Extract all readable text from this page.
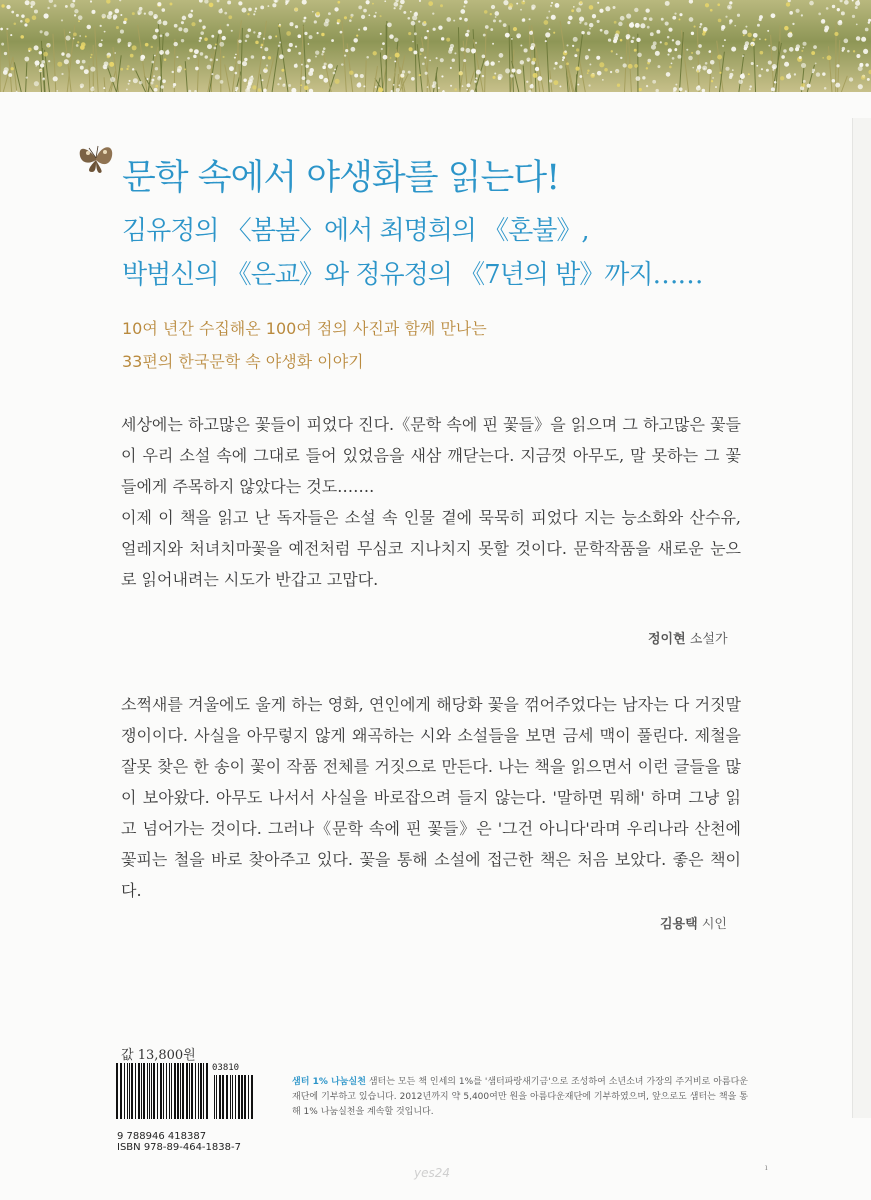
문학 속에서 야생화를 읽는다!
김유정의 〈봄봄〉에서 최명희의 《혼불》,
박범신의 《은교》와 정유정의 《7년의 밤》까지……
10여 년간 수집해온 100여 점의 사진과 함께 만나는
33편의 한국문학 속 야생화 이야기

세상에는 하고많은 꽃들이 피었다 진다.《문학 속에 핀 꽃들》을 읽으며 그 하고많은 꽃들이 우리 소설 속에 그대로 들어 있었음을 새삼 깨닫는다. 지금껏 아무도, 말 못하는 그 꽃들에게 주목하지 않았다는 것도…….

이제 이 책을 읽고 난 독자들은 소설 속 인물 곁에 묵묵히 피었다 지는 능소화와 산수유, 얼레지와 처녀치마꽃을 예전처럼 무심코 지나치지 못할 것이다. 문학작품을 새로운 눈으로 읽어내려는 시도가 반갑고 고맙다.

정이현 소설가

소쩍새를 겨울에도 울게 하는 영화, 연인에게 해당화 꽃을 꺾어주었다는 남자는 다 거짓말쟁이이다. 사실을 아무렇지 않게 왜곡하는 시와 소설들을 보면 금세 맥이 풀린다. 제철을 잘못 찾은 한 송이 꽃이 작품 전체를 거짓으로 만든다. 나는 책을 읽으면서 이런 글들을 많이 보아왔다. 아무도 나서서 사실을 바로잡으려 들지 않는다. '말하면 뭐해' 하며 그냥 읽고 넘어가는 것이다. 그러나《문학 속에 핀 꽃들》은 '그건 아니다'라며 우리나라 산천에 꽃피는 철을 바로 찾아주고 있다. 꽃을 통해 소설에 접근한 책은 처음 보았다. 좋은 책이다.

김용택 시인
값 13,800원
03810
9 788946 418387
ISBN 978-89-464-1838-7
샘터 1% 나눔실천 샘터는 모든 책 인세의 1%를 '샘터파랑새기금'으로 조성하여 소년소녀 가장의 주거비로 아름다운재단에 기부하고 있습니다. 2012년까지 약 5,400여만 원을 아름다운재단에 기부하였으며, 앞으로도 샘터는 책을 통해 1% 나눔실천을 계속할 것입니다.
yes24	ı
